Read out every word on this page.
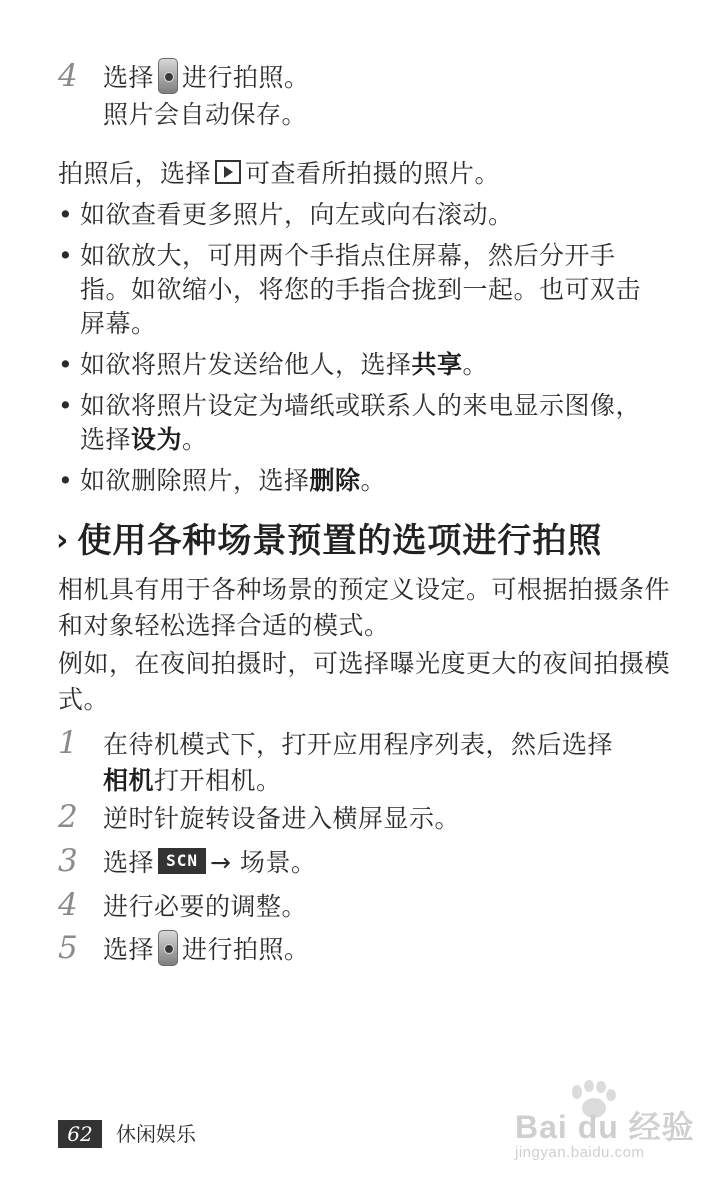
4	选择 进行拍照。
照片会自动保存。
拍照后，选择 可查看所拍摄的照片。
• 如欲查看更多照片，向左或向右滚动。
• 如欲放大，可用两个手指点住屏幕，然后分开手指。如欲缩小，将您的手指合拢到一起。也可双击屏幕。
• 如欲将照片发送给他人，选择共享。
• 如欲将照片设定为墙纸或联系人的来电显示图像，选择设为。
• 如欲删除照片，选择删除。
› 使用各种场景预置的选项进行拍照
相机具有用于各种场景的预定义设定。可根据拍摄条件和对象轻松选择合适的模式。
例如，在夜间拍摄时，可选择曝光度更大的夜间拍摄模式。
1	在待机模式下，打开应用程序列表，然后选择
相机打开相机。
2	逆时针旋转设备进入横屏显示。
3	选择 SCN → 场景。
4	进行必要的调整。
5	选择 进行拍照。
62 休闲娱乐	Bai du 经验
jingyan.baidu.com
